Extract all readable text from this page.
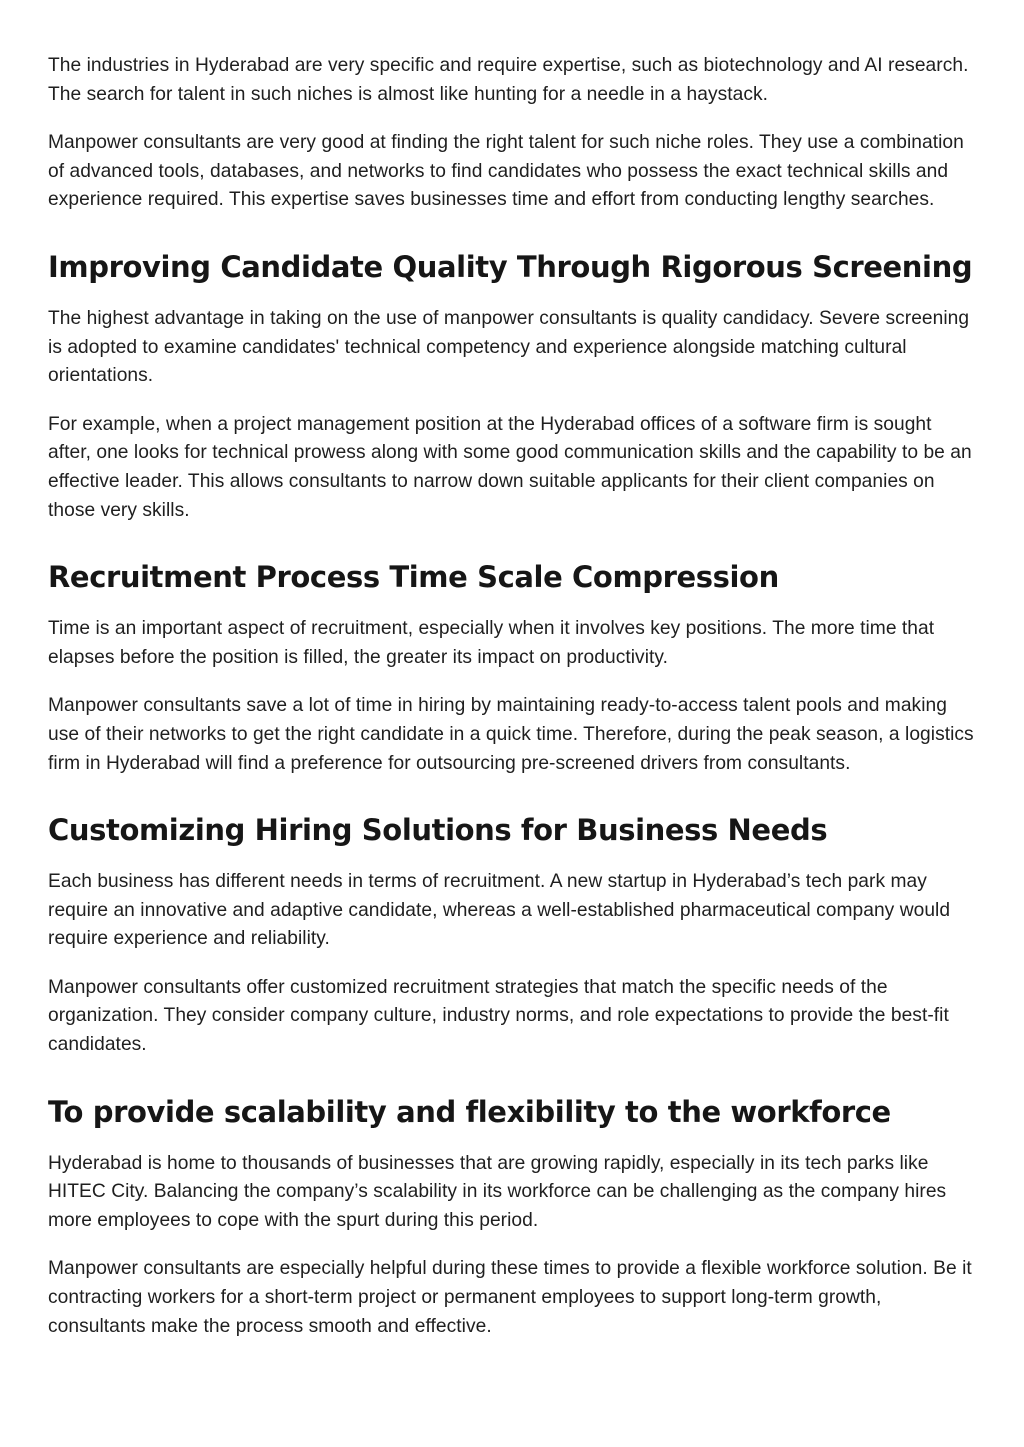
The industries in Hyderabad are very specific and require expertise, such as biotechnology and AI research. The search for talent in such niches is almost like hunting for a needle in a haystack.

Manpower consultants are very good at finding the right talent for such niche roles. They use a combination of advanced tools, databases, and networks to find candidates who possess the exact technical skills and experience required. This expertise saves businesses time and effort from conducting lengthy searches.

Improving Candidate Quality Through Rigorous Screening

The highest advantage in taking on the use of manpower consultants is quality candidacy. Severe screening is adopted to examine candidates' technical competency and experience alongside matching cultural orientations.

For example, when a project management position at the Hyderabad offices of a software firm is sought after, one looks for technical prowess along with some good communication skills and the capability to be an effective leader. This allows consultants to narrow down suitable applicants for their client companies on those very skills.

Recruitment Process Time Scale Compression

Time is an important aspect of recruitment, especially when it involves key positions. The more time that elapses before the position is filled, the greater its impact on productivity.

Manpower consultants save a lot of time in hiring by maintaining ready-to-access talent pools and making use of their networks to get the right candidate in a quick time. Therefore, during the peak season, a logistics firm in Hyderabad will find a preference for outsourcing pre-screened drivers from consultants.

Customizing Hiring Solutions for Business Needs

Each business has different needs in terms of recruitment. A new startup in Hyderabad’s tech park may require an innovative and adaptive candidate, whereas a well-established pharmaceutical company would require experience and reliability.

Manpower consultants offer customized recruitment strategies that match the specific needs of the organization. They consider company culture, industry norms, and role expectations to provide the best-fit candidates.

To provide scalability and flexibility to the workforce

Hyderabad is home to thousands of businesses that are growing rapidly, especially in its tech parks like HITEC City. Balancing the company’s scalability in its workforce can be challenging as the company hires more employees to cope with the spurt during this period.

Manpower consultants are especially helpful during these times to provide a flexible workforce solution. Be it contracting workers for a short-term project or permanent employees to support long-term growth, consultants make the process smooth and effective.
